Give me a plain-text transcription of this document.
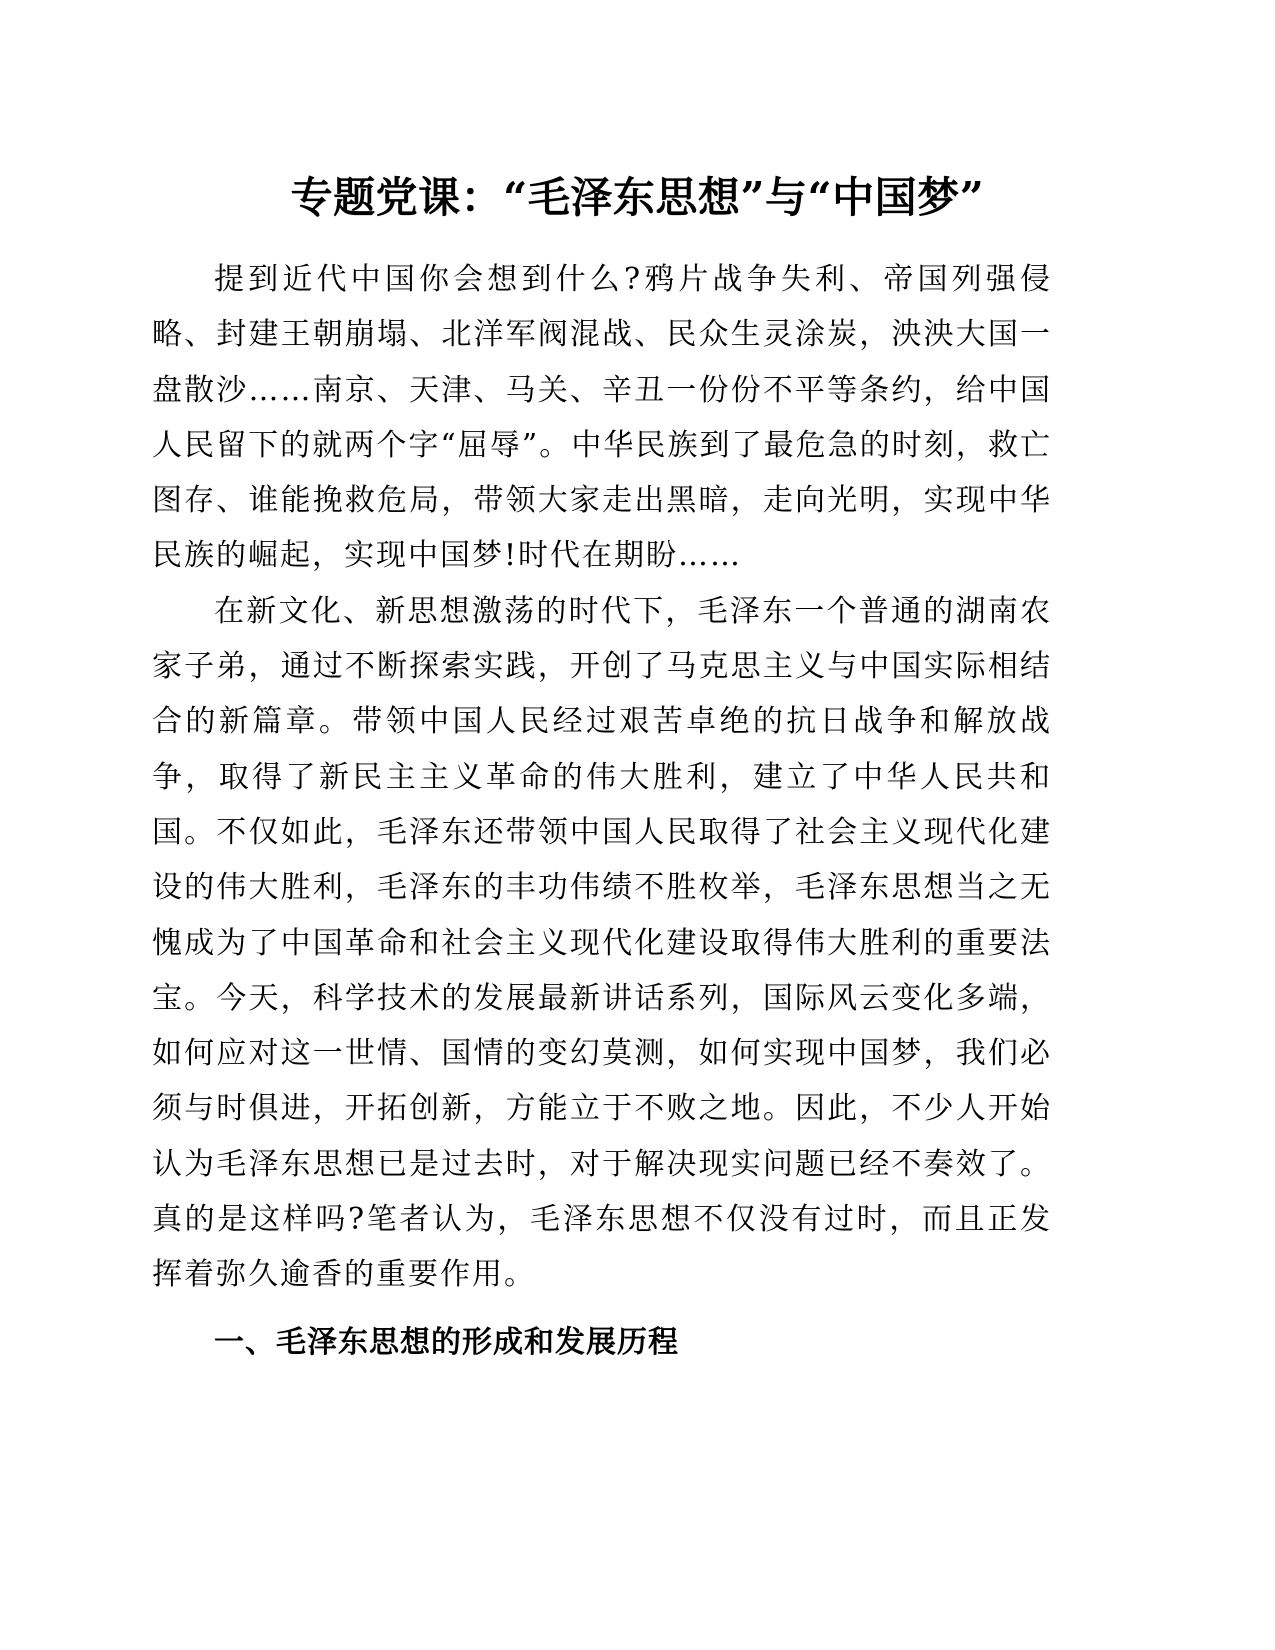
专题党课：“毛泽东思想”与“中国梦”

提到近代中国你会想到什么?鸦片战争失利、帝国列强侵略、封建王朝崩塌、北洋军阀混战、民众生灵涂炭，泱泱大国一盘散沙……南京、天津、马关、辛丑一份份不平等条约，给中国人民留下的就两个字“屈辱”。中华民族到了最危急的时刻，救亡图存、谁能挽救危局，带领大家走出黑暗，走向光明，实现中华民族的崛起，实现中国梦!时代在期盼……

在新文化、新思想激荡的时代下，毛泽东一个普通的湖南农家子弟，通过不断探索实践，开创了马克思主义与中国实际相结合的新篇章。带领中国人民经过艰苦卓绝的抗日战争和解放战争，取得了新民主主义革命的伟大胜利，建立了中华人民共和国。不仅如此，毛泽东还带领中国人民取得了社会主义现代化建设的伟大胜利，毛泽东的丰功伟绩不胜枚举，毛泽东思想当之无愧成为了中国革命和社会主义现代化建设取得伟大胜利的重要法宝。今天，科学技术的发展最新讲话系列，国际风云变化多端，如何应对这一世情、国情的变幻莫测，如何实现中国梦，我们必须与时俱进，开拓创新，方能立于不败之地。因此，不少人开始认为毛泽东思想已是过去时，对于解决现实问题已经不奏效了。真的是这样吗?笔者认为，毛泽东思想不仅没有过时，而且正发挥着弥久逾香的重要作用。

一、毛泽东思想的形成和发展历程
